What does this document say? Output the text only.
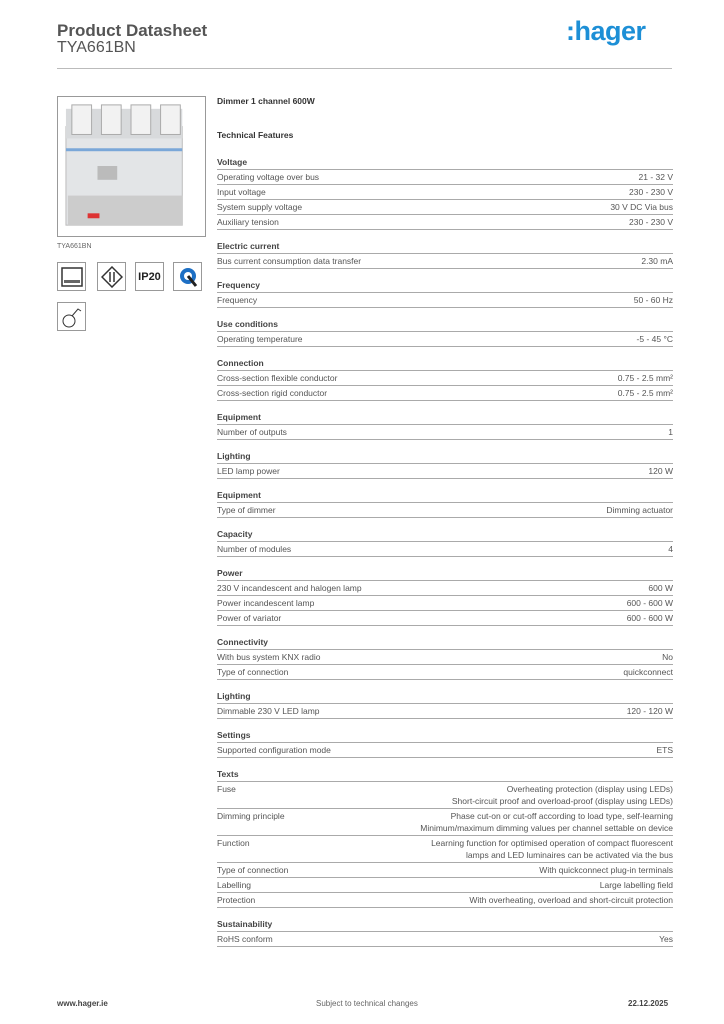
Product Datasheet
TYA661BN
:hager
TYA661BN
IP20
Dimmer 1 channel 600W
Technical Features
Voltage
Operating voltage over bus	21 - 32 V
Input voltage	230 - 230 V
System supply voltage	30 V DC Via bus
Auxiliary tension	230 - 230 V
Electric current
Bus current consumption data transfer	2.30 mA
Frequency
Frequency	50 - 60 Hz
Use conditions
Operating temperature	-5 - 45 °C
Connection
Cross-section flexible conductor	0.75 - 2.5 mm²
Cross-section rigid conductor	0.75 - 2.5 mm²
Equipment
Number of outputs	1
Lighting
LED lamp power	120 W
Equipment
Type of dimmer	Dimming actuator
Capacity
Number of modules	4
Power
230 V incandescent and halogen lamp	600 W
Power incandescent lamp	600 - 600 W
Power of variator	600 - 600 W
Connectivity
With bus system KNX radio	No
Type of connection	quickconnect
Lighting
Dimmable 230 V LED lamp	120 - 120 W
Settings
Supported configuration mode	ETS
Texts
Fuse	Overheating protection (display using LEDs)
Short-circuit proof and overload-proof (display using LEDs)
Dimming principle	Phase cut-on or cut-off according to load type, self-learning
Minimum/maximum dimming values per channel settable on device
Function	Learning function for optimised operation of compact fluorescent
lamps and LED luminaires can be activated via the bus
Type of connection	With quickconnect plug-in terminals
Labelling	Large labelling field
Protection	With overheating, overload and short-circuit protection
Sustainability
RoHS conform	Yes
www.hager.ie	Subject to technical changes	22.12.2025
